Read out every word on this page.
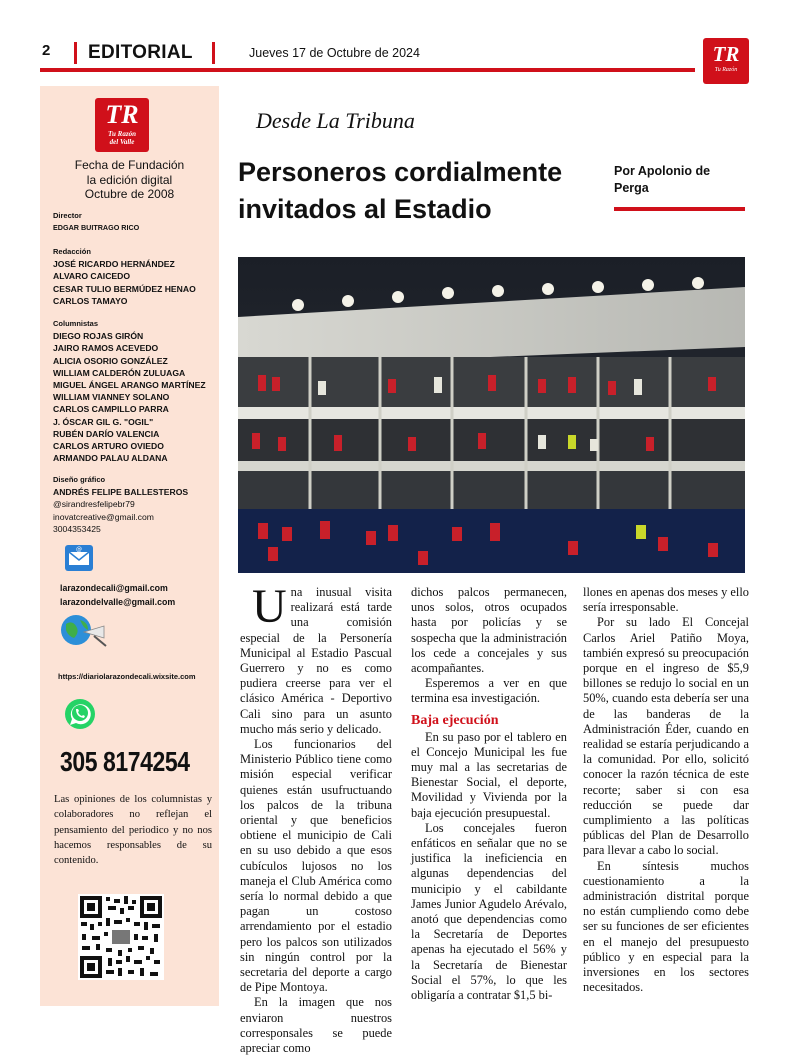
2 EDITORIAL	Jueves 17 de Octubre de 2024	TR
Tu Razón
TR
Tu Razón
del Valle
Fecha de Fundación
la edición digital
Octubre de 2008
Director
EDGAR BUITRAGO RICO
Redacción
JOSÉ RICARDO HERNÁNDEZ
ALVARO CAICEDO
CESAR TULIO BERMÚDEZ HENAO
CARLOS TAMAYO
Columnistas
DIEGO ROJAS GIRÓN
JAIRO RAMOS ACEVEDO
ALICIA OSORIO GONZÁLEZ
WILLIAM CALDERÓN ZULUAGA
MIGUEL ÁNGEL ARANGO MARTÍNEZ
WILLIAM VIANNEY SOLANO
CARLOS CAMPILLO PARRA
J. ÓSCAR GIL G. "OGIL"
RUBÉN DARÍO VALENCIA
CARLOS ARTURO OVIEDO
ARMANDO PALAU ALDANA
Diseño gráfico
ANDRÉS FELIPE BALLESTEROS
@sirandresfelipebr79
inovatcreative@gmail.com
3004353425
@
larazondecali@gmail.com
larazondelvalle@gmail.com
https://diariolarazondecali.wixsite.com
305 8174254
Las opiniones de los columnistas y colaboradores no reflejan el pensamiento del periodico y no nos hacemos responsables de su contenido.
Desde La Tribuna
Personeros cordialmente invitados al Estadio
Por Apolonio de Perga
U na inusual visita realizará está tarde una comisión especial de la Personería Municipal al Estadio Pascual Guerrero y no es como pudiera creerse para ver el clásico América - Deportivo Cali sino para un asunto mucho más serio y delicado.

Los funcionarios del Ministerio Público tiene como misión especial verificar quienes están usufructuando los palcos de la tribuna oriental y que beneficios obtiene el municipio de Cali en su uso debido a que esos cubículos lujosos no los maneja el Club América como sería lo normal debido a que pagan un costoso arrendamiento por el estadio pero los palcos son utilizados sin ningún control por la secretaria del deporte a cargo de Pipe Montoya.

En la imagen que nos enviaron nuestros corresponsales se puede apreciar como

dichos palcos permanecen, unos solos, otros ocupados hasta por policías y se sospecha que la administración los cede a concejales y sus acompañantes.

Esperemos a ver en que termina esa investigación.

Baja ejecución

En su paso por el tablero en el Concejo Municipal les fue muy mal a las secretarias de Bienestar Social, el deporte, Movilidad y Vivienda por la baja ejecución presupuestal.

Los concejales fueron enfáticos en señalar que no se justifica la ineficiencia en algunas dependencias del municipio y el cabildante James Junior Agudelo Arévalo, anotó que dependencias como la Secretaría de Deportes apenas ha ejecutado el 56% y la Secretaría de Bienestar Social el 57%, lo que les obligaría a contratar $1,5 bi-

llones en apenas dos meses y ello sería irresponsable.

Por su lado El Concejal Carlos Ariel Patiño Moya, también expresó su preocupación porque en el ingreso de $5,9 billones se redujo lo social en un 50%, cuando esta debería ser una de las banderas de la Administración Éder, cuando en realidad se estaría perjudicando a la comunidad. Por ello, solicitó conocer la razón técnica de este recorte; saber si con esa reducción se puede dar cumplimiento a las políticas públicas del Plan de Desarrollo para llevar a cabo lo social.

En síntesis muchos cuestionamiento a la administración distrital porque no están cumpliendo como debe ser su funciones de ser eficientes en el manejo del presupuesto público y en especial para la inversiones en los sectores necesitados.
